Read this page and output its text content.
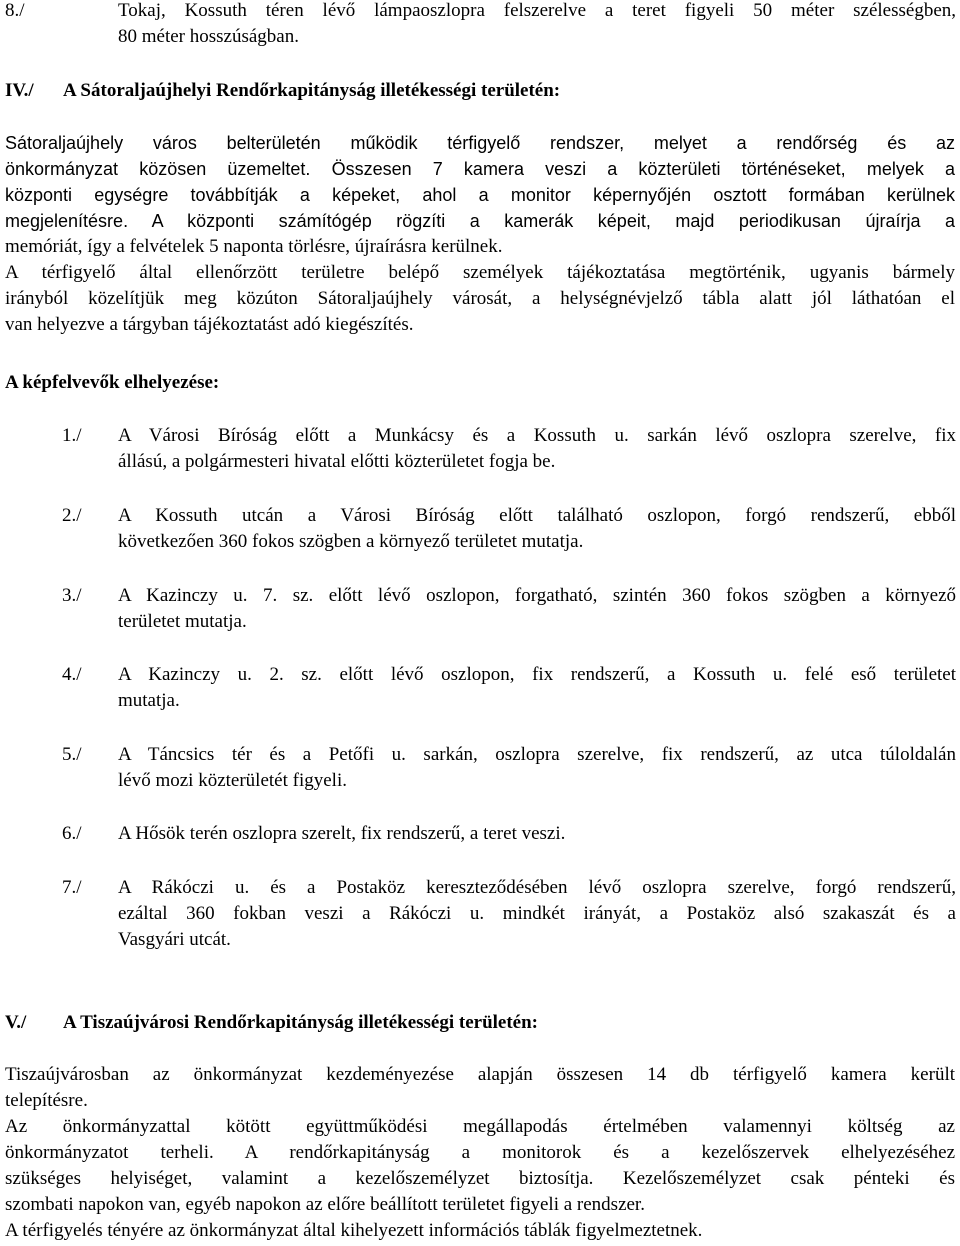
8./	Tokaj, Kossuth téren lévő lámpaoszlopra felszerelve a teret figyeli 50 méter szélességben,
80 méter hosszúságban.
IV./ A Sátoraljaújhelyi Rendőrkapitányság illetékességi területén:
Sátoraljaújhely város belterületén működik térfigyelő rendszer, melyet a rendőrség és az
önkormányzat közösen üzemeltet. Összesen 7 kamera veszi a közterületi történéseket, melyek a
központi egységre továbbítják a képeket, ahol a monitor képernyőjén osztott formában kerülnek
megjelenítésre. A központi számítógép rögzíti a kamerák képeit, majd periodikusan újraírja a
memóriát, így a felvételek 5 naponta törlésre, újraírásra kerülnek.
A térfigyelő által ellenőrzött területre belépő személyek tájékoztatása megtörténik, ugyanis bármely
irányból közelítjük meg közúton Sátoraljaújhely városát, a helységnévjelző tábla alatt jól láthatóan el
van helyezve a tárgyban tájékoztatást adó kiegészítés.
A képfelvevők elhelyezése:
1./	A Városi Bíróság előtt a Munkácsy és a Kossuth u. sarkán lévő oszlopra szerelve, fix
állású, a polgármesteri hivatal előtti közterületet fogja be.
2./	A Kossuth utcán a Városi Bíróság előtt található oszlopon, forgó rendszerű, ebből
következően 360 fokos szögben a környező területet mutatja.
3./	A Kazinczy u. 7. sz. előtt lévő oszlopon, forgatható, szintén 360 fokos szögben a környező
területet mutatja.
4./	A Kazinczy u. 2. sz. előtt lévő oszlopon, fix rendszerű, a Kossuth u. felé eső területet
mutatja.
5./	A Táncsics tér és a Petőfi u. sarkán, oszlopra szerelve, fix rendszerű, az utca túloldalán
lévő mozi közterületét figyeli.
6./	A Hősök terén oszlopra szerelt, fix rendszerű, a teret veszi.
7./	A Rákóczi u. és a Postaköz kereszteződésében lévő oszlopra szerelve, forgó rendszerű,
ezáltal 360 fokban veszi a Rákóczi u. mindkét irányát, a Postaköz alsó szakaszát és a
Vasgyári utcát.
V./ A Tiszaújvárosi Rendőrkapitányság illetékességi területén:
Tiszaújvárosban az önkormányzat kezdeményezése alapján összesen 14 db térfigyelő kamera került
telepítésre.
Az önkormányzattal kötött együttműködési megállapodás értelmében valamennyi költség az
önkormányzatot terheli. A rendőrkapitányság a monitorok és a kezelőszervek elhelyezéséhez
szükséges helyiséget, valamint a kezelőszemélyzet biztosítja. Kezelőszemélyzet csak pénteki és
szombati napokon van, egyéb napokon az előre beállított területet figyeli a rendszer.
A térfigyelés tényére az önkormányzat által kihelyezett információs táblák figyelmeztetnek.
